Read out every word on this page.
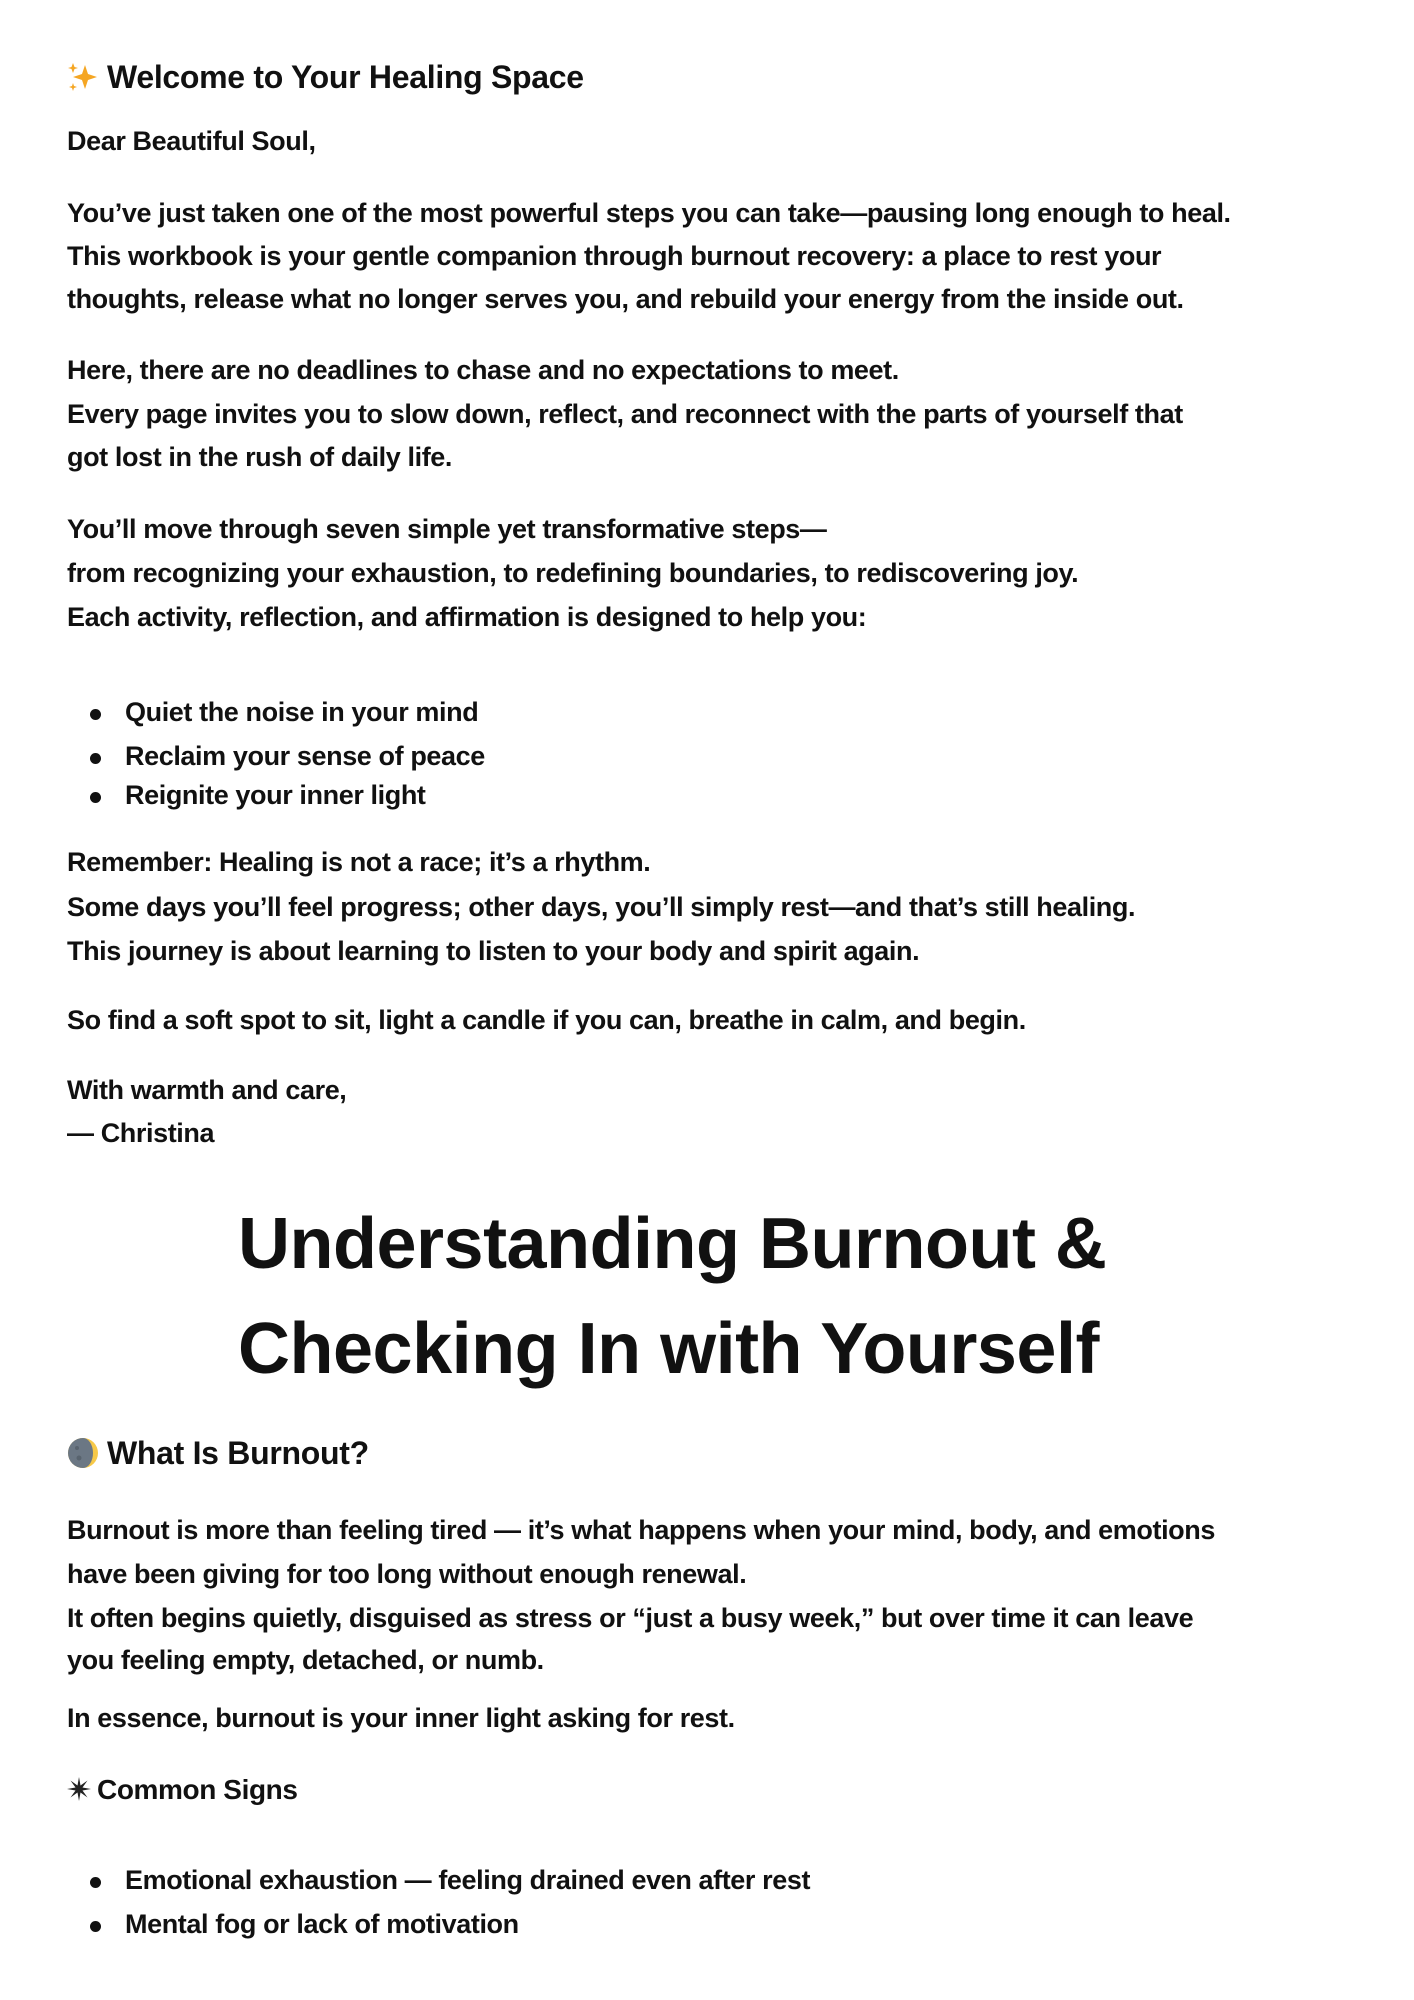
Welcome to Your Healing Space
Dear Beautiful Soul,
You’ve just taken one of the most powerful steps you can take—pausing long enough to heal.
This workbook is your gentle companion through burnout recovery: a place to rest your
thoughts, release what no longer serves you, and rebuild your energy from the inside out.
Here, there are no deadlines to chase and no expectations to meet.
Every page invites you to slow down, reflect, and reconnect with the parts of yourself that
got lost in the rush of daily life.
You’ll move through seven simple yet transformative steps—
from recognizing your exhaustion, to redefining boundaries, to rediscovering joy.
Each activity, reflection, and affirmation is designed to help you:
Quiet the noise in your mind
Reclaim your sense of peace
Reignite your inner light
Remember: Healing is not a race; it’s a rhythm.
Some days you’ll feel progress; other days, you’ll simply rest—and that’s still healing.
This journey is about learning to listen to your body and spirit again.
So find a soft spot to sit, light a candle if you can, breathe in calm, and begin.
With warmth and care,
— Christina
Understanding Burnout &
Checking In with Yourself
What Is Burnout?
Burnout is more than feeling tired — it’s what happens when your mind, body, and emotions
have been giving for too long without enough renewal.
It often begins quietly, disguised as stress or “just a busy week,” but over time it can leave
you feeling empty, detached, or numb.
In essence, burnout is your inner light asking for rest.
Common Signs
Emotional exhaustion — feeling drained even after rest
Mental fog or lack of motivation
